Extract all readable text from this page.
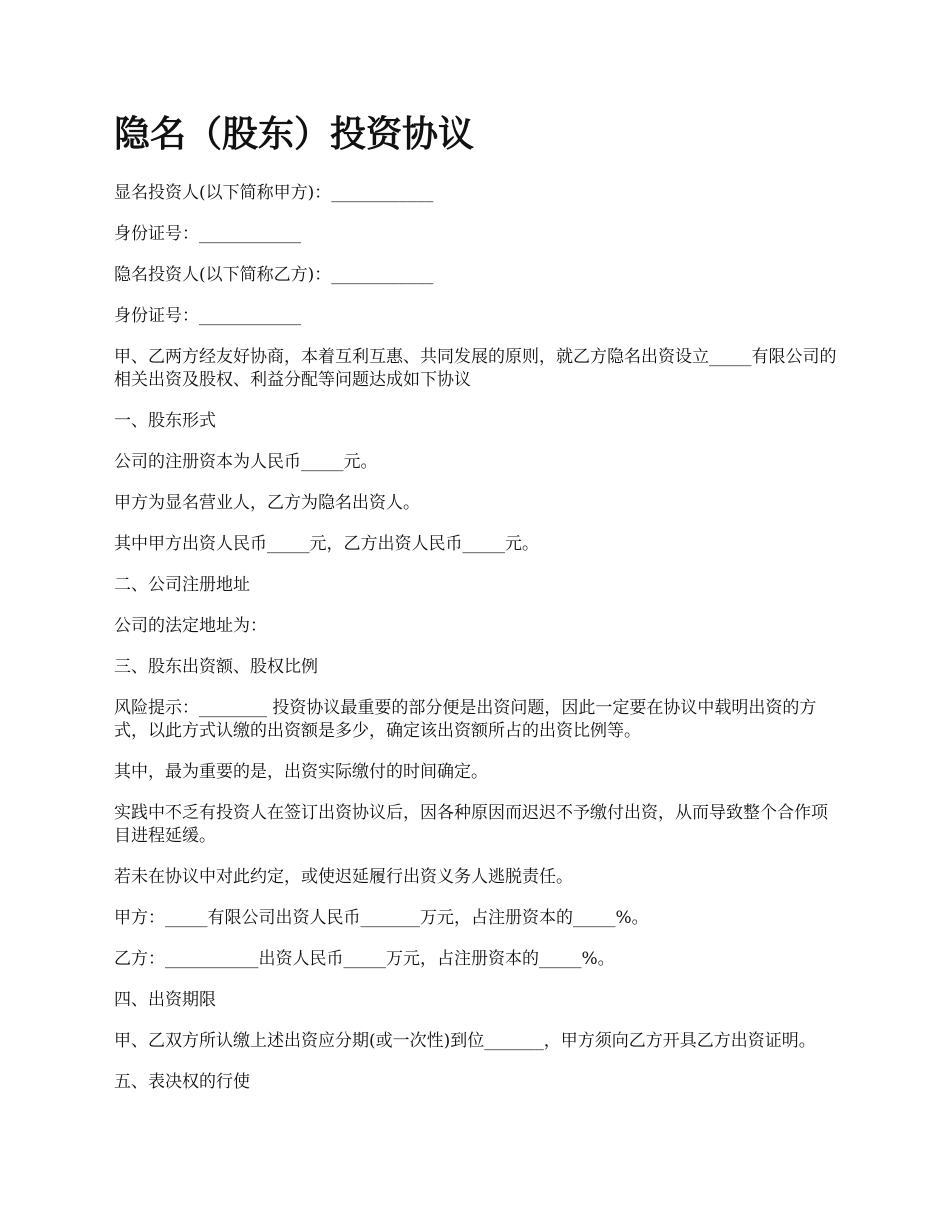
隐名（股东）投资协议

显名投资人(以下简称甲方)：____________

身份证号：____________

隐名投资人(以下简称乙方)：____________

身份证号：____________

甲、乙两方经友好协商，本着互利互惠、共同发展的原则，就乙方隐名出资设立_____有限公司的相关出资及股权、利益分配等问题达成如下协议

一、股东形式

公司的注册资本为人民币_____元。

甲方为显名营业人，乙方为隐名出资人。

其中甲方出资人民币_____元，乙方出资人民币_____元。

二、公司注册地址

公司的法定地址为：

三、股东出资额、股权比例

风险提示：________ 投资协议最重要的部分便是出资问题，因此一定要在协议中载明出资的方式，以此方式认缴的出资额是多少，确定该出资额所占的出资比例等。

其中，最为重要的是，出资实际缴付的时间确定。

实践中不乏有投资人在签订出资协议后，因各种原因而迟迟不予缴付出资，从而导致整个合作项目进程延缓。

若未在协议中对此约定，或使迟延履行出资义务人逃脱责任。

甲方：_____有限公司出资人民币_______万元，占注册资本的_____%。

乙方：___________出资人民币_____万元，占注册资本的_____%。

四、出资期限

甲、乙双方所认缴上述出资应分期(或一次性)到位_______，甲方须向乙方开具乙方出资证明。

五、表决权的行使
